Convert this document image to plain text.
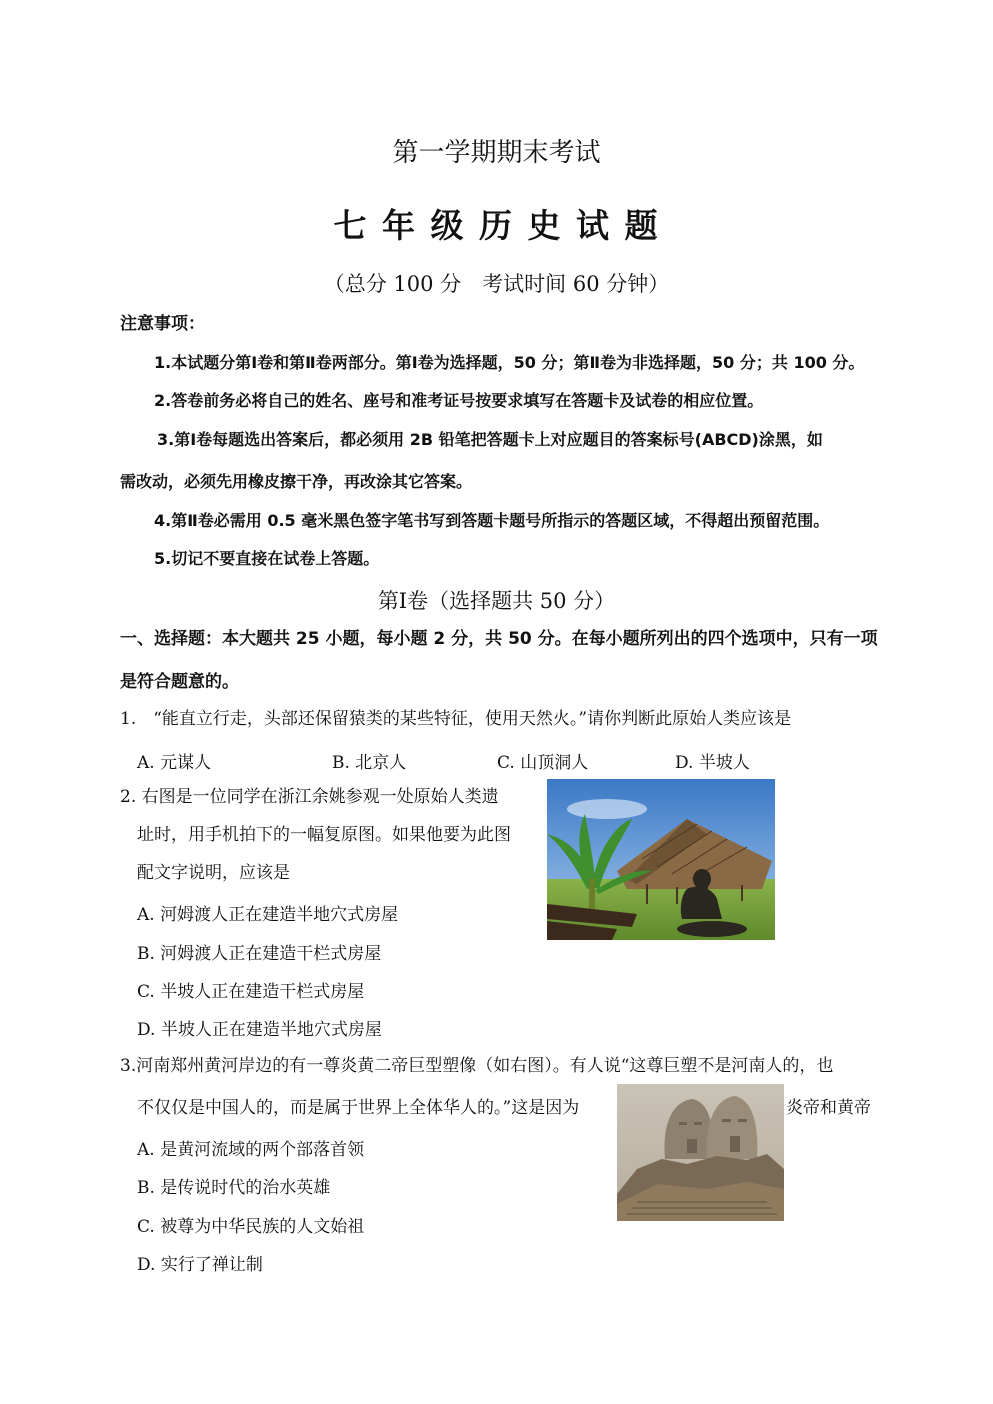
第一学期期末考试
七 年 级 历 史 试 题
（总分 100 分　考试时间 60 分钟）
注意事项：
1.本试题分第Ⅰ卷和第Ⅱ卷两部分。第Ⅰ卷为选择题，50 分；第Ⅱ卷为非选择题，50 分；共 100 分。
2.答卷前务必将自己的姓名、座号和准考证号按要求填写在答题卡及试卷的相应位置。
3.第Ⅰ卷每题选出答案后，都必须用 2B 铅笔把答题卡上对应题目的答案标号(ABCD)涂黑，如
需改动，必须先用橡皮擦干净，再改涂其它答案。
4.第Ⅱ卷必需用 0.5 毫米黑色签字笔书写到答题卡题号所指示的答题区域，不得超出预留范围。
5.切记不要直接在试卷上答题。
第Ⅰ卷（选择题共 50 分）
一、选择题：本大题共 25 小题，每小题 2 分，共 50 分。在每小题所列出的四个选项中，只有一项
是符合题意的。
1.　“能直立行走，头部还保留猿类的某些特征，使用天然火。”请你判断此原始人类应该是
A. 元谋人	B. 北京人	C. 山顶洞人	D. 半坡人
2. 右图是一位同学在浙江余姚参观一处原始人类遗
址时，用手机拍下的一幅复原图。如果他要为此图
配文字说明，应该是
A. 河姆渡人正在建造半地穴式房屋
B. 河姆渡人正在建造干栏式房屋
C. 半坡人正在建造干栏式房屋
D. 半坡人正在建造半地穴式房屋
3.河南郑州黄河岸边的有一尊炎黄二帝巨型塑像（如右图）。有人说“这尊巨塑不是河南人的，也
不仅仅是中国人的，而是属于世界上全体华人的。”这是因为	炎帝和黄帝
A. 是黄河流域的两个部落首领
B. 是传说时代的治水英雄
C. 被尊为中华民族的人文始祖
D. 实行了禅让制
